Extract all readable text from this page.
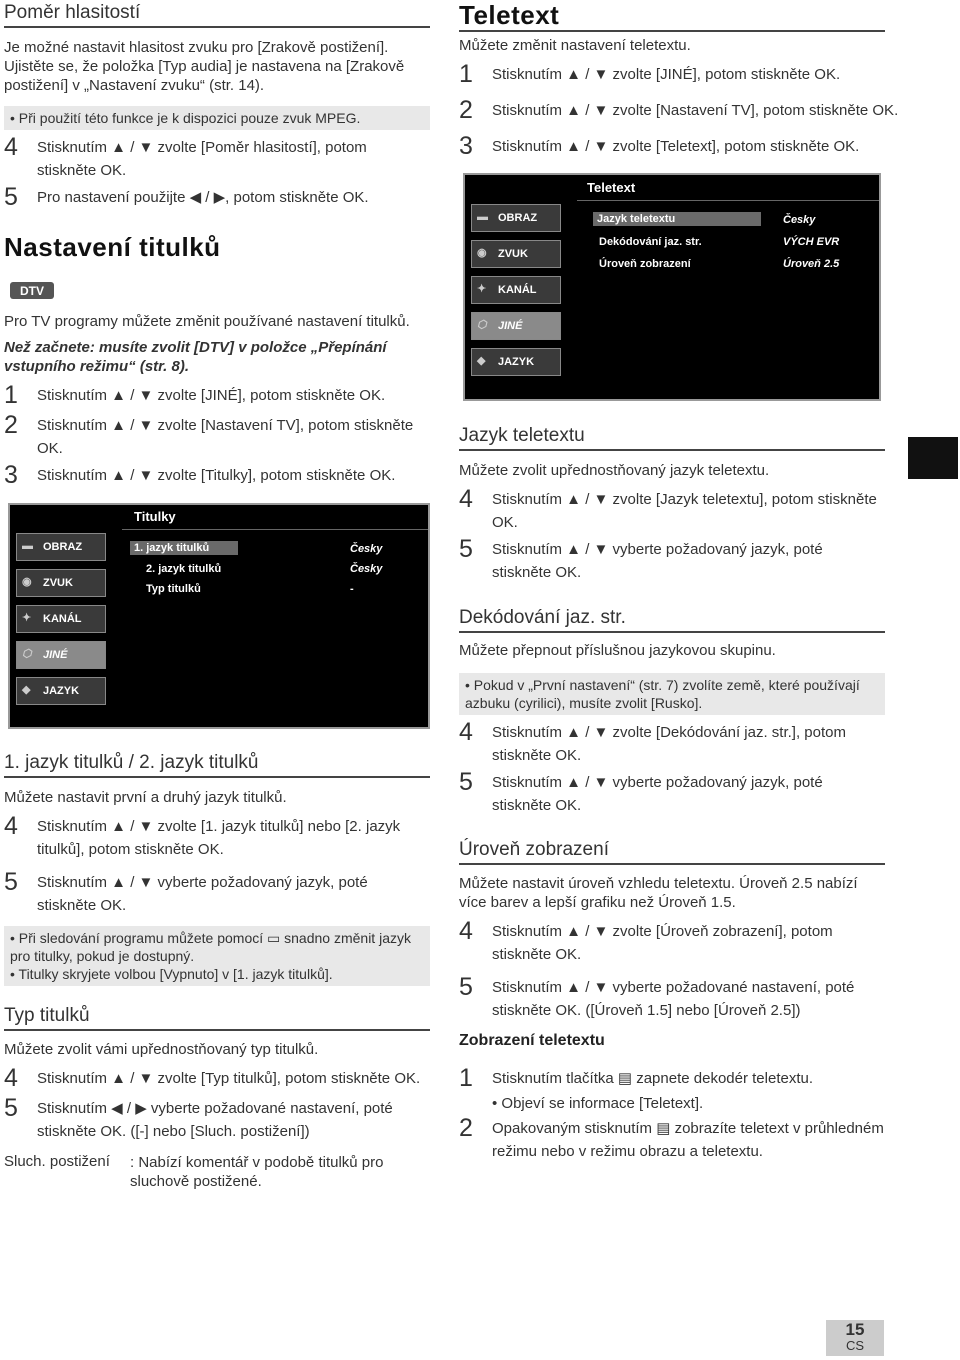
Poměr hlasitostí
Je možné nastavit hlasitost zvuku pro [Zrakově postižení]. Ujistěte se, že položka [Typ audia] je nastavena na [Zrakově postižení] v „Nastavení zvuku“ (str. 14).
• Při použití této funkce je k dispozici pouze zvuk MPEG.
4	Stisknutím ▲ / ▼ zvolte [Poměr hlasitostí], potom stiskněte OK.
5	Pro nastavení použijte ◀ / ▶, potom stiskněte OK.
Nastavení titulků
DTV
Pro TV programy můžete změnit používané nastavení titulků.
Než začnete: musíte zvolit [DTV] v položce „Přepínání vstupního režimu“ (str. 8).
1	Stisknutím ▲ / ▼ zvolte [JINÉ], potom stiskněte OK.
2	Stisknutím ▲ / ▼ zvolte [Nastavení TV], potom stiskněte OK.
3	Stisknutím ▲ / ▼ zvolte [Titulky], potom stiskněte OK.
Titulky
▬ OBRAZ
◉	ZVUK
✦	KANÁL
⬡	JINÉ
◆	JAZYK
1. jazyk titulků	Česky
2. jazyk titulků	Česky
Typ titulků	-
1. jazyk titulků / 2. jazyk titulků
Můžete nastavit první a druhý jazyk titulků.
4	Stisknutím ▲ / ▼ zvolte [1. jazyk titulků] nebo [2. jazyk titulků], potom stiskněte OK.
5	Stisknutím ▲ / ▼ vyberte požadovaný jazyk, poté stiskněte OK.
• Při sledování programu můžete pomocí ▭ snadno změnit jazyk pro titulky, pokud je dostupný.
• Titulky skryjete volbou [Vypnuto] v [1. jazyk titulků].
Typ titulků
Můžete zvolit vámi upřednostňovaný typ titulků.
4	Stisknutím ▲ / ▼ zvolte [Typ titulků], potom stiskněte OK.
5	Stisknutím ◀ / ▶ vyberte požadované nastavení, poté stiskněte OK. ([-] nebo [Sluch. postižení])
Sluch. postižení : Nabízí komentář v podobě titulků pro sluchově postižené.
Teletext
Můžete změnit nastavení teletextu.
1	Stisknutím ▲ / ▼ zvolte [JINÉ], potom stiskněte OK.
2	Stisknutím ▲ / ▼ zvolte [Nastavení TV], potom stiskněte OK.
3	Stisknutím ▲ / ▼ zvolte [Teletext], potom stiskněte OK.
Teletext
▬ OBRAZ
◉	ZVUK
✦	KANÁL
⬡	JINÉ
◆	JAZYK
Jazyk teletextu	Česky
Dekódování jaz. str.	VÝCH EVR
Úroveň zobrazení	Úroveň 2.5
Jazyk teletextu
Můžete zvolit upřednostňovaný jazyk teletextu.
4	Stisknutím ▲ / ▼ zvolte [Jazyk teletextu], potom stiskněte OK.
5	Stisknutím ▲ / ▼ vyberte požadovaný jazyk, poté stiskněte OK.
Dekódování jaz. str.
Můžete přepnout příslušnou jazykovou skupinu.
• Pokud v „První nastavení“ (str. 7) zvolíte země, které používají azbuku (cyrilici), musíte zvolit [Rusko].
4	Stisknutím ▲ / ▼ zvolte [Dekódování jaz. str.], potom stiskněte OK.
5	Stisknutím ▲ / ▼ vyberte požadovaný jazyk, poté stiskněte OK.
Úroveň zobrazení
Můžete nastavit úroveň vzhledu teletextu. Úroveň 2.5 nabízí více barev a lepší grafiku než Úroveň 1.5.
4	Stisknutím ▲ / ▼ zvolte [Úroveň zobrazení], potom stiskněte OK.
5	Stisknutím ▲ / ▼ vyberte požadované nastavení, poté stiskněte OK. ([Úroveň 1.5] nebo [Úroveň 2.5])
Zobrazení teletextu
1	Stisknutím tlačítka ▤ zapnete dekodér teletextu.
• Objeví se informace [Teletext].
2	Opakovaným stisknutím ▤ zobrazíte teletext v průhledném režimu nebo v režimu obrazu a teletextu.
15
CS
